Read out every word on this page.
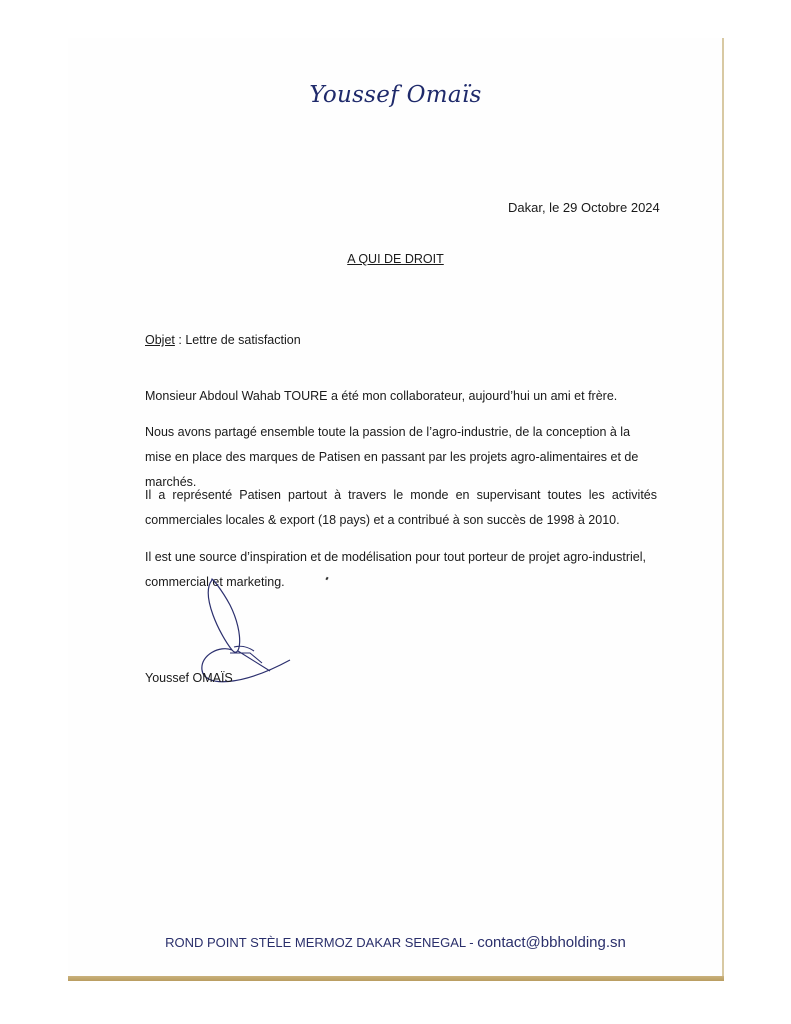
Youssef Omaïs
Dakar, le 29 Octobre 2024
A QUI DE DROIT
Objet : Lettre de satisfaction

Monsieur Abdoul Wahab TOURE a été mon collaborateur, aujourd’hui un ami et frère.

Nous avons partagé ensemble toute la passion de l’agro-industrie, de la conception à la mise en place des marques de Patisen en passant par les projets agro-alimentaires et de marchés.

Il a représenté Patisen partout à travers le monde en supervisant toutes les activités commerciales locales & export (18 pays) et a contribué à son succès de 1998 à 2010.

Il est une source d’inspiration et de modélisation pour tout porteur de projet agro-industriel, commercial et marketing.

Youssef OMAÏS
ROND POINT STÈLE MERMOZ DAKAR SENEGAL - contact@bbholding.sn
